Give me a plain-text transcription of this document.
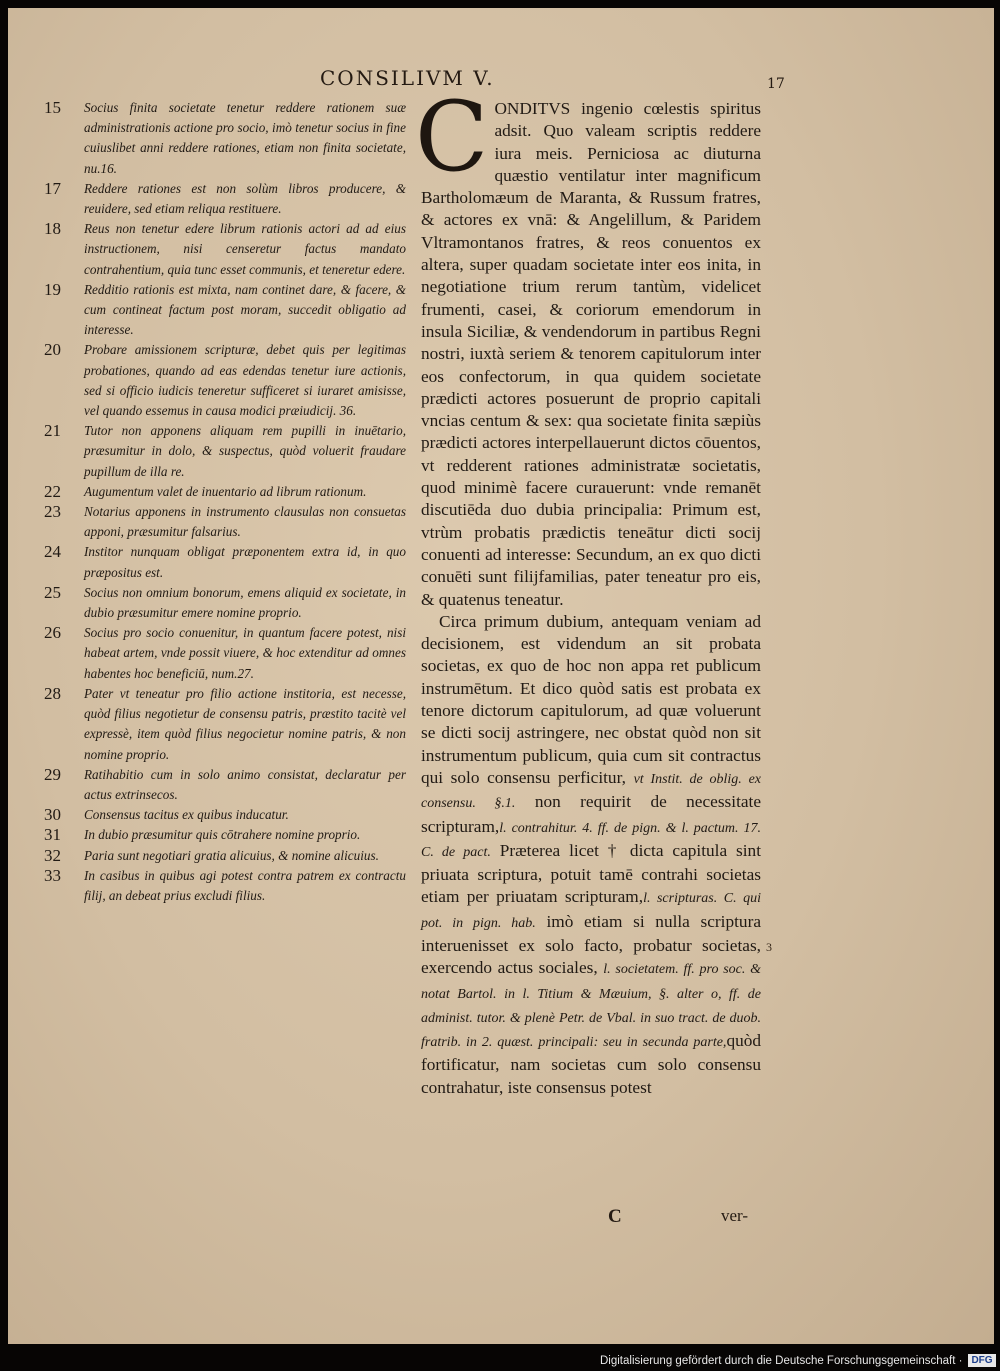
CONSILIVM V.	17
15	Socius finita societate tenetur reddere rationem suæ administrationis actione pro socio, imò tenetur socius in fine cuiuslibet anni reddere rationes, etiam non finita societate, nu.16.
17	Reddere rationes est non solùm libros producere, & reuidere, sed etiam reliqua restituere.
18	Reus non tenetur edere librum rationis actori ad ad eius instructionem, nisi censeretur factus mandato contrahentium, quia tunc esset communis, et teneretur edere.
19	Redditio rationis est mixta, nam continet dare, & facere, & cum contineat factum post moram, succedit obligatio ad interesse.
20	Probare amissionem scripturæ, debet quis per legitimas probationes, quando ad eas edendas tenetur iure actionis, sed si officio iudicis teneretur sufficeret si iuraret amisisse, vel quando essemus in causa modici præiudicij. 36.
21	Tutor non apponens aliquam rem pupilli in inuētario, præsumitur in dolo, & suspectus, quòd voluerit fraudare pupillum de illa re.
22	Augumentum valet de inuentario ad librum rationum.
23	Notarius apponens in instrumento clausulas non consuetas apponi, præsumitur falsarius.
24	Institor nunquam obligat præponentem extra id, in quo præpositus est.
25	Socius non omnium bonorum, emens aliquid ex societate, in dubio præsumitur emere nomine proprio.
26	Socius pro socio conuenitur, in quantum facere potest, nisi habeat artem, vnde possit viuere, & hoc extenditur ad omnes habentes hoc beneficiū, num.27.
28	Pater vt teneatur pro filio actione institoria, est necesse, quòd filius negotietur de consensu patris, præstito tacitè vel expressè, item quòd filius negocietur nomine patris, & non nomine proprio.
29	Ratihabitio cum in solo animo consistat, declaratur per actus extrinsecos.
30	Consensus tacitus ex quibus inducatur.
31	In dubio præsumitur quis cōtrahere nomine proprio.
32	Paria sunt negotiari gratia alicuius, & nomine alicuius.
33	In casibus in quibus agi potest contra patrem ex contractu filij, an debeat prius excludi filius.

CONDITVS ingenio cœlestis spiritus adsit. Quo valeam scriptis reddere iura meis. Perniciosa ac diuturna quæstio ventilatur inter magnificum Bartholomæum de Maranta, & Russum fratres, & actores ex vnā: & Angelillum, & Paridem Vltramontanos fratres, & reos conuentos ex altera, super quadam societate inter eos inita, in negotiatione trium rerum tantùm, videlicet frumenti, casei, & coriorum emendorum in insula Siciliæ, & vendendorum in partibus Regni nostri, iuxtà seriem & tenorem capitulorum inter eos confectorum, in qua quidem societate prædicti actores posuerunt de proprio capitali vncias centum & sex: qua societate finita sæpiùs prædicti actores interpellauerunt dictos cōuentos, vt redderent rationes administratæ societatis, quod minimè facere curauerunt: vnde remanēt discutiēda duo dubia principalia: Primum est, vtrùm probatis prædictis teneātur dicti socij conuenti ad interesse: Secundum, an ex quo dicti conuēti sunt filijfamilias, pater teneatur pro eis, & quatenus teneatur.

Circa primum dubium, antequam veniam ad decisionem, est videndum an sit probata societas, ex quo de hoc non appa ret publicum instrumētum. Et dico quòd satis est probata ex tenore dictorum capitulorum, ad quæ voluerunt se dicti socij astringere, nec obstat quòd non sit instrumentum publicum, quia cum sit contractus qui solo consensu perficitur, vt Instit. de oblig. ex consensu. §.1. non requirit de necessitate scripturam,l. contrahitur. 4. ff. de pign. & l. pactum. 17. C. de pact. Præterea licet † dicta capitula sint priuata scriptura, potuit tamē contrahi societas etiam per priuatam scripturam,l. scripturas. C. qui pot. in pign. hab. imò etiam si nulla scriptura interuenisset ex solo facto, probatur societas, exercendo actus sociales, l. societatem. ff. pro soc. & notat Bartol. in l. Titium & Mæuium, §. alter o, ff. de administ. tutor. & plenè Petr. de Vbal. in suo tract. de duob. fratrib. in 2. quæst. principali: seu in secunda parte,quòd fortificatur, nam societas cum solo consensu contrahatur, iste consensus potest

3
C	ver-
Digitalisierung gefördert durch die Deutsche Forschungsgemeinschaft · DFG
